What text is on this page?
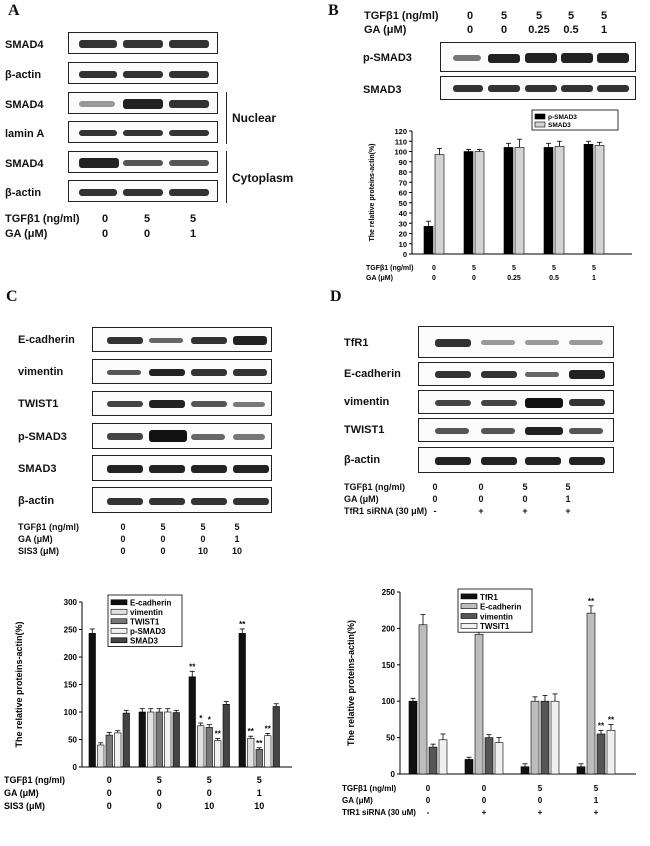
A
SMAD4
β-actin
SMAD4
lamin A
Nuclear
SMAD4
β-actin
Cytoplasm
TGFβ1 (ng/ml)	0	5	5
GA (μM)	0	0	1
B TGFβ1 (ng/ml)	0	5	5	5	5
GA (μM)	0	0	0.25	0.5	1
p-SMAD3
SMAD3
0
10
20
30
40
50
60
70
80
90
100
110
120
The relative proteins-actin(%)
p-SMAD3
SMAD3
TGFβ1 (ng/ml)	0	5	5	5	5
GA (μM)	0	0	0.25	0.5	1
C
E-cadherin
vimentin
TWIST1
p-SMAD3
SMAD3
β-actin
TGFβ1 (ng/ml)	0	5	5	5
GA (μM)	0	0	0	1
SIS3 (μM)	0	0	10	10
0
50
100
150
200
250
300
The relative proteins-actin(%)	**
* *
**
**
**
**
**
E-cadherin
vimentin
TWIST1
p-SMAD3
SMAD3
TGFβ1 (ng/ml)	0	5	5	5
GA (μM)	0	0	0	1
SIS3 (μM)	0	0	10	10
D
TfR1
E-cadherin
vimentin
TWIST1
β-actin
TGFβ1 (ng/ml)	0	0	5	5
GA (μM)	0	0	0	1
TfR1 siRNA (30 μM) -	+	+	+
0
50
100
150
200
250
The relative proteins-actin(%)
**
**
**
TfR1
E-cadherin
vimentin
TWSIT1
TGFβ1 (ng/ml)	0	0	5	5
GA (μM)	0	0	0	1
TfR1 siRNA (30 uM) -	+	+	+
